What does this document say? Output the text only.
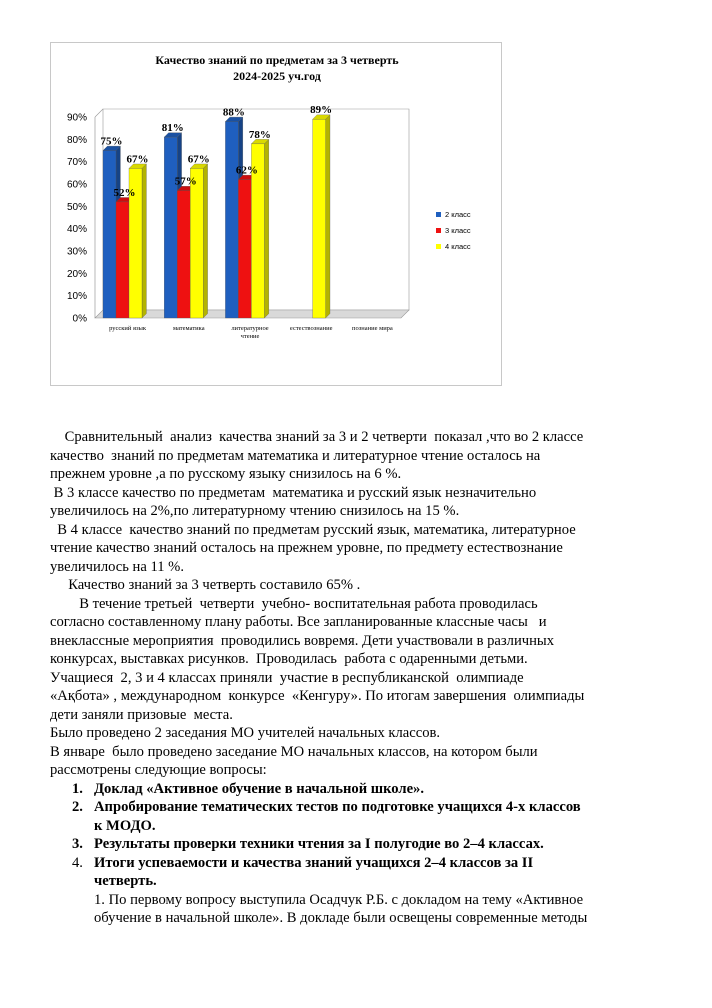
Качество знаний по предметам за 3 четверть
2024-2025 уч.год
0%
10%
20%
30%
40%
50%
60%
70%
80%
90%
75%
81%
88%
52%
57%
62%
67%	67%
78%
89%
русский язык	математика	литературное
чтение
естествознание	познание мира
2 класс
3 класс
4 класс
Сравнительный  анализ  качества знаний за 3 и 2 четверти  показал ,что во 2 классе
качество  знаний по предметам математика и литературное чтение осталось на
прежнем уровне ,а по русскому языку снизилось на 6 %.
В 3 классе качество по предметам  математика и русский язык незначительно
увеличилось на 2%,по литературному чтению снизилось на 15 %.
В 4 классе  качество знаний по предметам русский язык, математика, литературное
чтение качество знаний осталось на прежнем уровне, по предмету естествознание
увеличилось на 11 %.
Качество знаний за 3 четверть составило 65% .
В течение третьей  четверти  учебно- воспитательная работа проводилась
согласно составленному плану работы. Все запланированные классные часы   и
внеклассные мероприятия  проводились вовремя. Дети участвовали в различных
конкурсах, выставках рисунков.  Проводилась  работа с одаренными детьми.
Учащиеся  2, 3 и 4 классах приняли  участие в республиканской  олимпиаде
«Ақбота» , международном  конкурсе  «Кенгуру». По итогам завершения  олимпиады
дети заняли призовые  места.
Было проведено 2 заседания МО учителей начальных классов.
В январе  было проведено заседание МО начальных классов, на котором были
рассмотрены следующие вопросы:
1. Доклад «Активное обучение в начальной школе».
2. Апробирование тематических тестов по подготовке учащихся 4-х классов
к МОДО.
3. Результаты проверки техники чтения за I полугодие во 2–4 классах.
4. Итоги успеваемости и качества знаний учащихся 2–4 классов за II
четверть.
1. По первому вопросу выступила Осадчук Р.Б. с докладом на тему «Активное
обучение в начальной школе». В докладе были освещены современные методы
